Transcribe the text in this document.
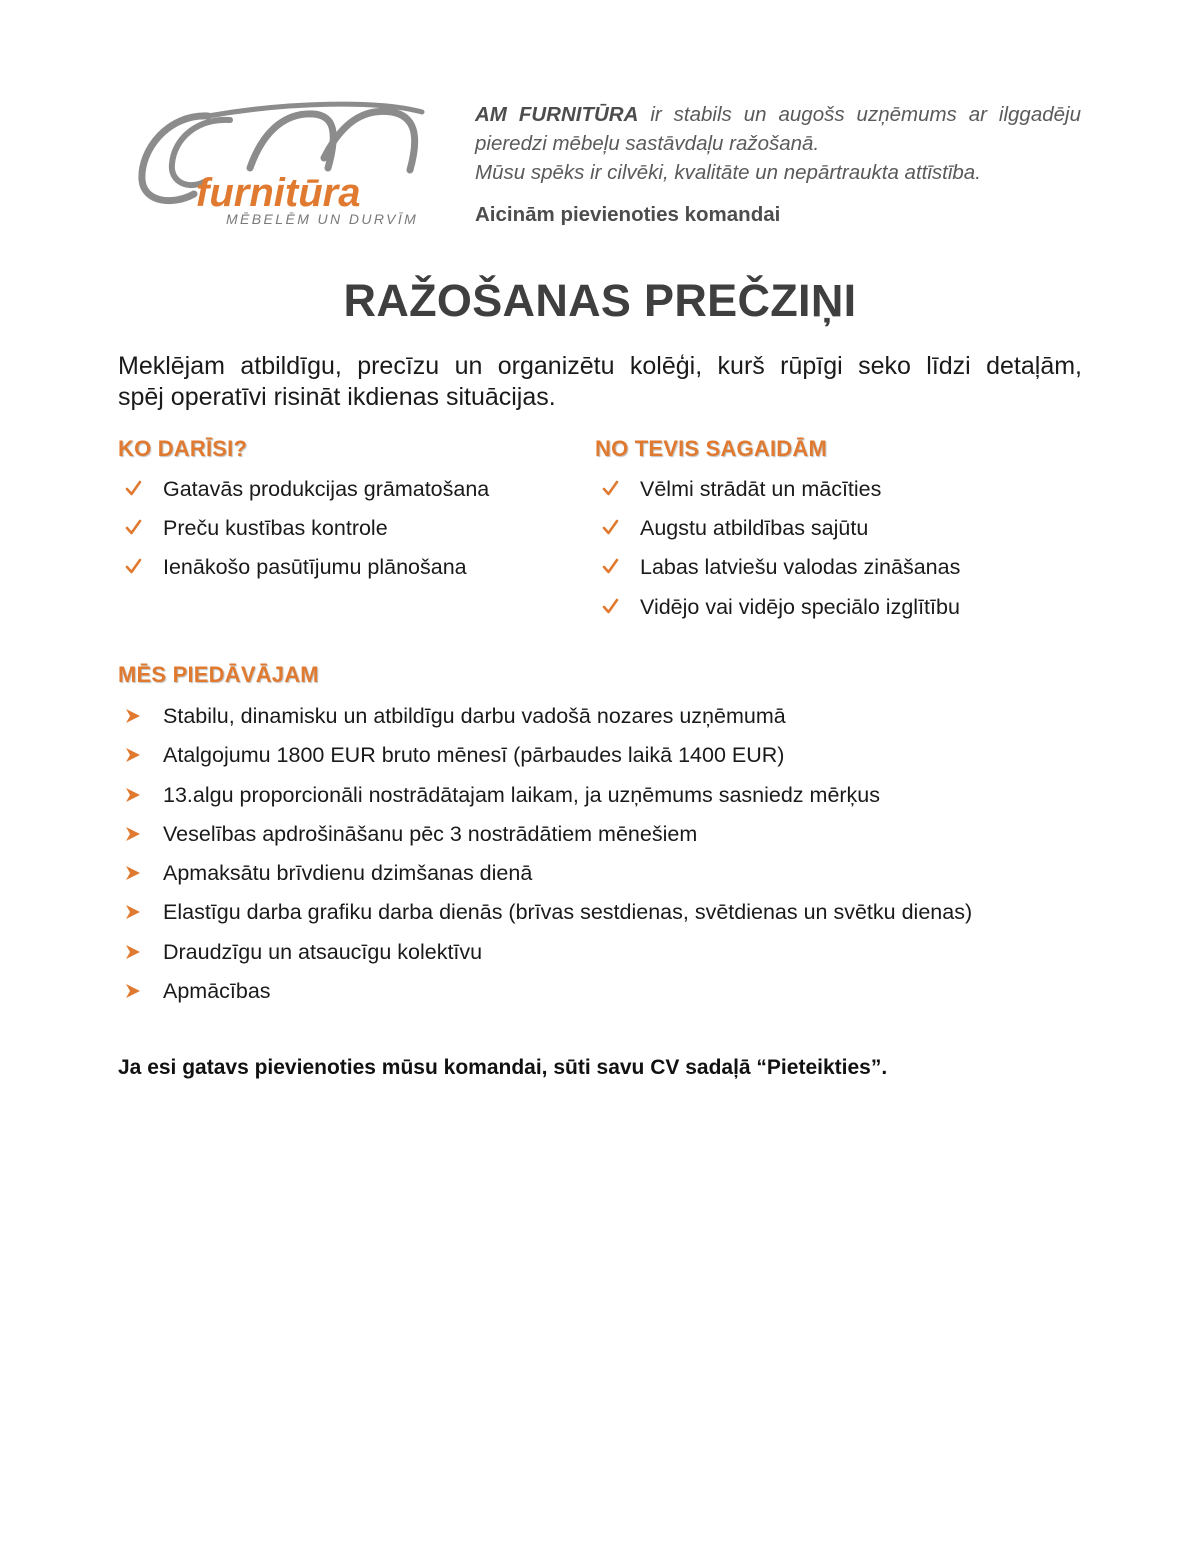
furnitūra
MĒBELĒM UN DURVĪM
AM FURNITŪRA ir stabils un augošs uzņēmums ar ilggadēju
pieredzi mēbeļu sastāvdaļu ražošanā.
Mūsu spēks ir cilvēki, kvalitāte un nepārtraukta attīstība.
Aicinām pievienoties komandai
RAŽOŠANAS PREČZIŅI
Meklējam atbildīgu, precīzu un organizētu kolēģi, kurš rūpīgi seko līdzi detaļām,
spēj operatīvi risināt ikdienas situācijas.
KO DARĪSI?
Gatavās produkcijas grāmatošana
Preču kustības kontrole
Ienākošo pasūtījumu plānošana
NO TEVIS SAGAIDĀM
Vēlmi strādāt un mācīties
Augstu atbildības sajūtu
Labas latviešu valodas zināšanas
Vidējo vai vidējo speciālo izglītību
MĒS PIEDĀVĀJAM
Stabilu, dinamisku un atbildīgu darbu vadošā nozares uzņēmumā
Atalgojumu 1800 EUR bruto mēnesī (pārbaudes laikā 1400 EUR)
13.algu proporcionāli nostrādātajam laikam, ja uzņēmums sasniedz mērķus
Veselības apdrošināšanu pēc 3 nostrādātiem mēnešiem
Apmaksātu brīvdienu dzimšanas dienā
Elastīgu darba grafiku darba dienās (brīvas sestdienas, svētdienas un svētku dienas)
Draudzīgu un atsaucīgu kolektīvu
Apmācības
Ja esi gatavs pievienoties mūsu komandai, sūti savu CV sadaļā “Pieteikties”.
